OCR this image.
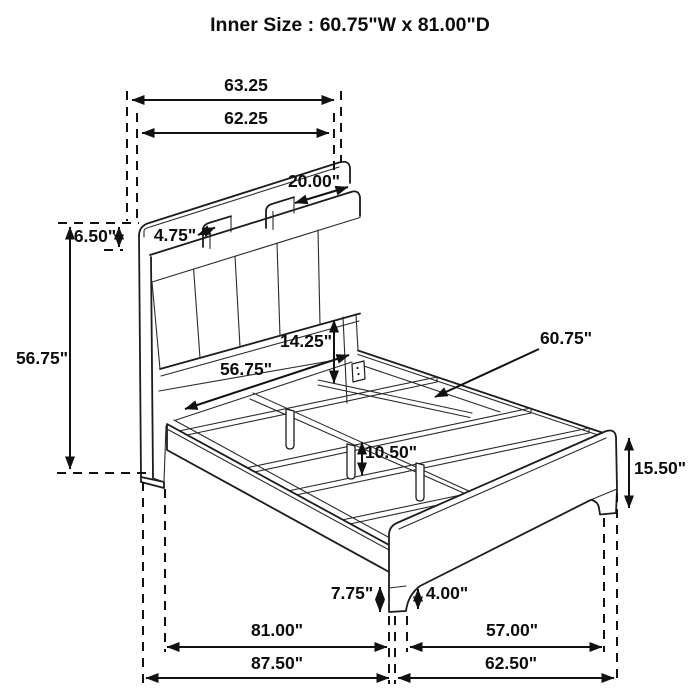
Inner Size : 60.75"W x 81.00"D
63.25
62.25
20.00"
6.50" 4.75"
56.75"
14.25"
56.75"
60.75"
10.50"
15.50"
7.75"	4.00"
81.00"	57.00"
87.50"	62.50"
